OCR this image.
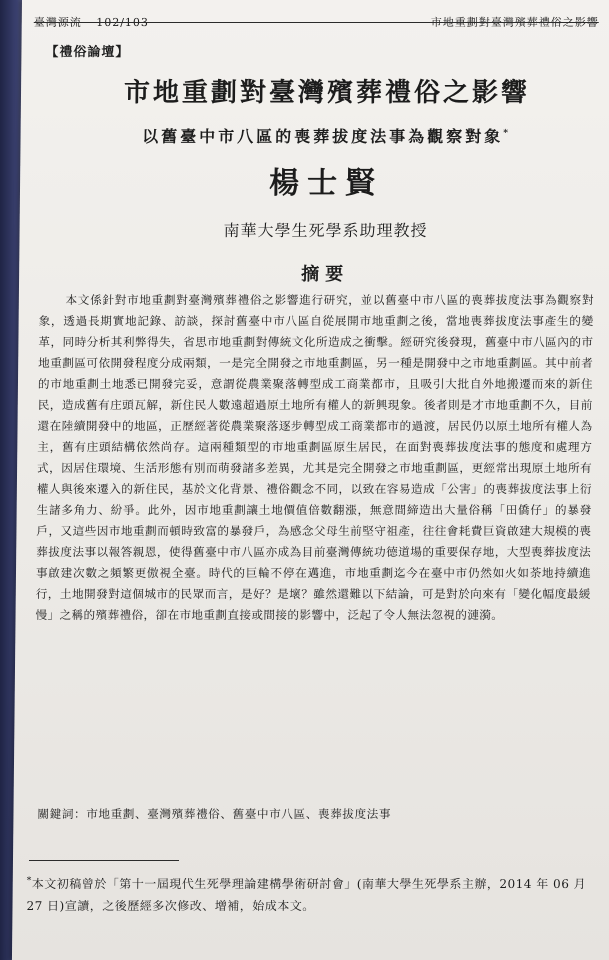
臺灣源流 102/103	市地重劃對臺灣殯葬禮俗之影響
【禮俗論壇】
市地重劃對臺灣殯葬禮俗之影響
以舊臺中市八區的喪葬拔度法事為觀察對象*
楊士賢
南華大學生死學系助理教授
摘要

本文係針對市地重劃對臺灣殯葬禮俗之影響進行研究，並以舊臺中市八區的喪葬拔度法事為觀察對象，透過長期實地記錄、訪談，探討舊臺中市八區自從展開市地重劃之後，當地喪葬拔度法事產生的變革，同時分析其利弊得失，省思市地重劃對傳統文化所造成之衝擊。經研究後發現，舊臺中市八區內的市地重劃區可依開發程度分成兩類，一是完全開發之市地重劃區，另一種是開發中之市地重劃區。其中前者的市地重劃土地悉已開發完妥，意謂從農業聚落轉型成工商業都市，且吸引大批自外地搬遷而來的新住民，造成舊有庄頭瓦解，新住民人數遠超過原土地所有權人的新興現象。後者則是才市地重劃不久，目前還在陸續開發中的地區，正歷經著從農業聚落逐步轉型成工商業都市的過渡，居民仍以原土地所有權人為主，舊有庄頭結構依然尚存。這兩種類型的市地重劃區原生居民，在面對喪葬拔度法事的態度和處理方式，因居住環境、生活形態有別而萌發諸多差異，尤其是完全開發之市地重劃區，更經常出現原土地所有權人與後來遷入的新住民，基於文化背景、禮俗觀念不同，以致在容易造成「公害」的喪葬拔度法事上衍生諸多角力、紛爭。此外，因市地重劃讓土地價值倍數翻漲，無意間締造出大量俗稱「田僑仔」的暴發戶，又這些因市地重劃而頓時致富的暴發戶，為感念父母生前堅守祖產，往往會耗費巨資啟建大規模的喪葬拔度法事以報答親恩，使得舊臺中市八區亦成為目前臺灣傳統功德道場的重要保存地，大型喪葬拔度法事啟建次數之頻繁更傲視全臺。時代的巨輪不停在邁進，市地重劃迄今在臺中市仍然如火如荼地持續進行，土地開發對這個城市的民眾而言，是好？是壞？雖然還難以下結論，可是對於向來有「變化幅度最緩慢」之稱的殯葬禮俗，卻在市地重劃直接或間接的影響中，泛起了令人無法忽視的漣漪。

關鍵詞：市地重劃、臺灣殯葬禮俗、舊臺中市八區、喪葬拔度法事
*本文初稿曾於「第十一屆現代生死學理論建構學術研討會」(南華大學生死學系主辦，2014 年 06 月 27 日)宣讀，之後歷經多次修改、增補，始成本文。
